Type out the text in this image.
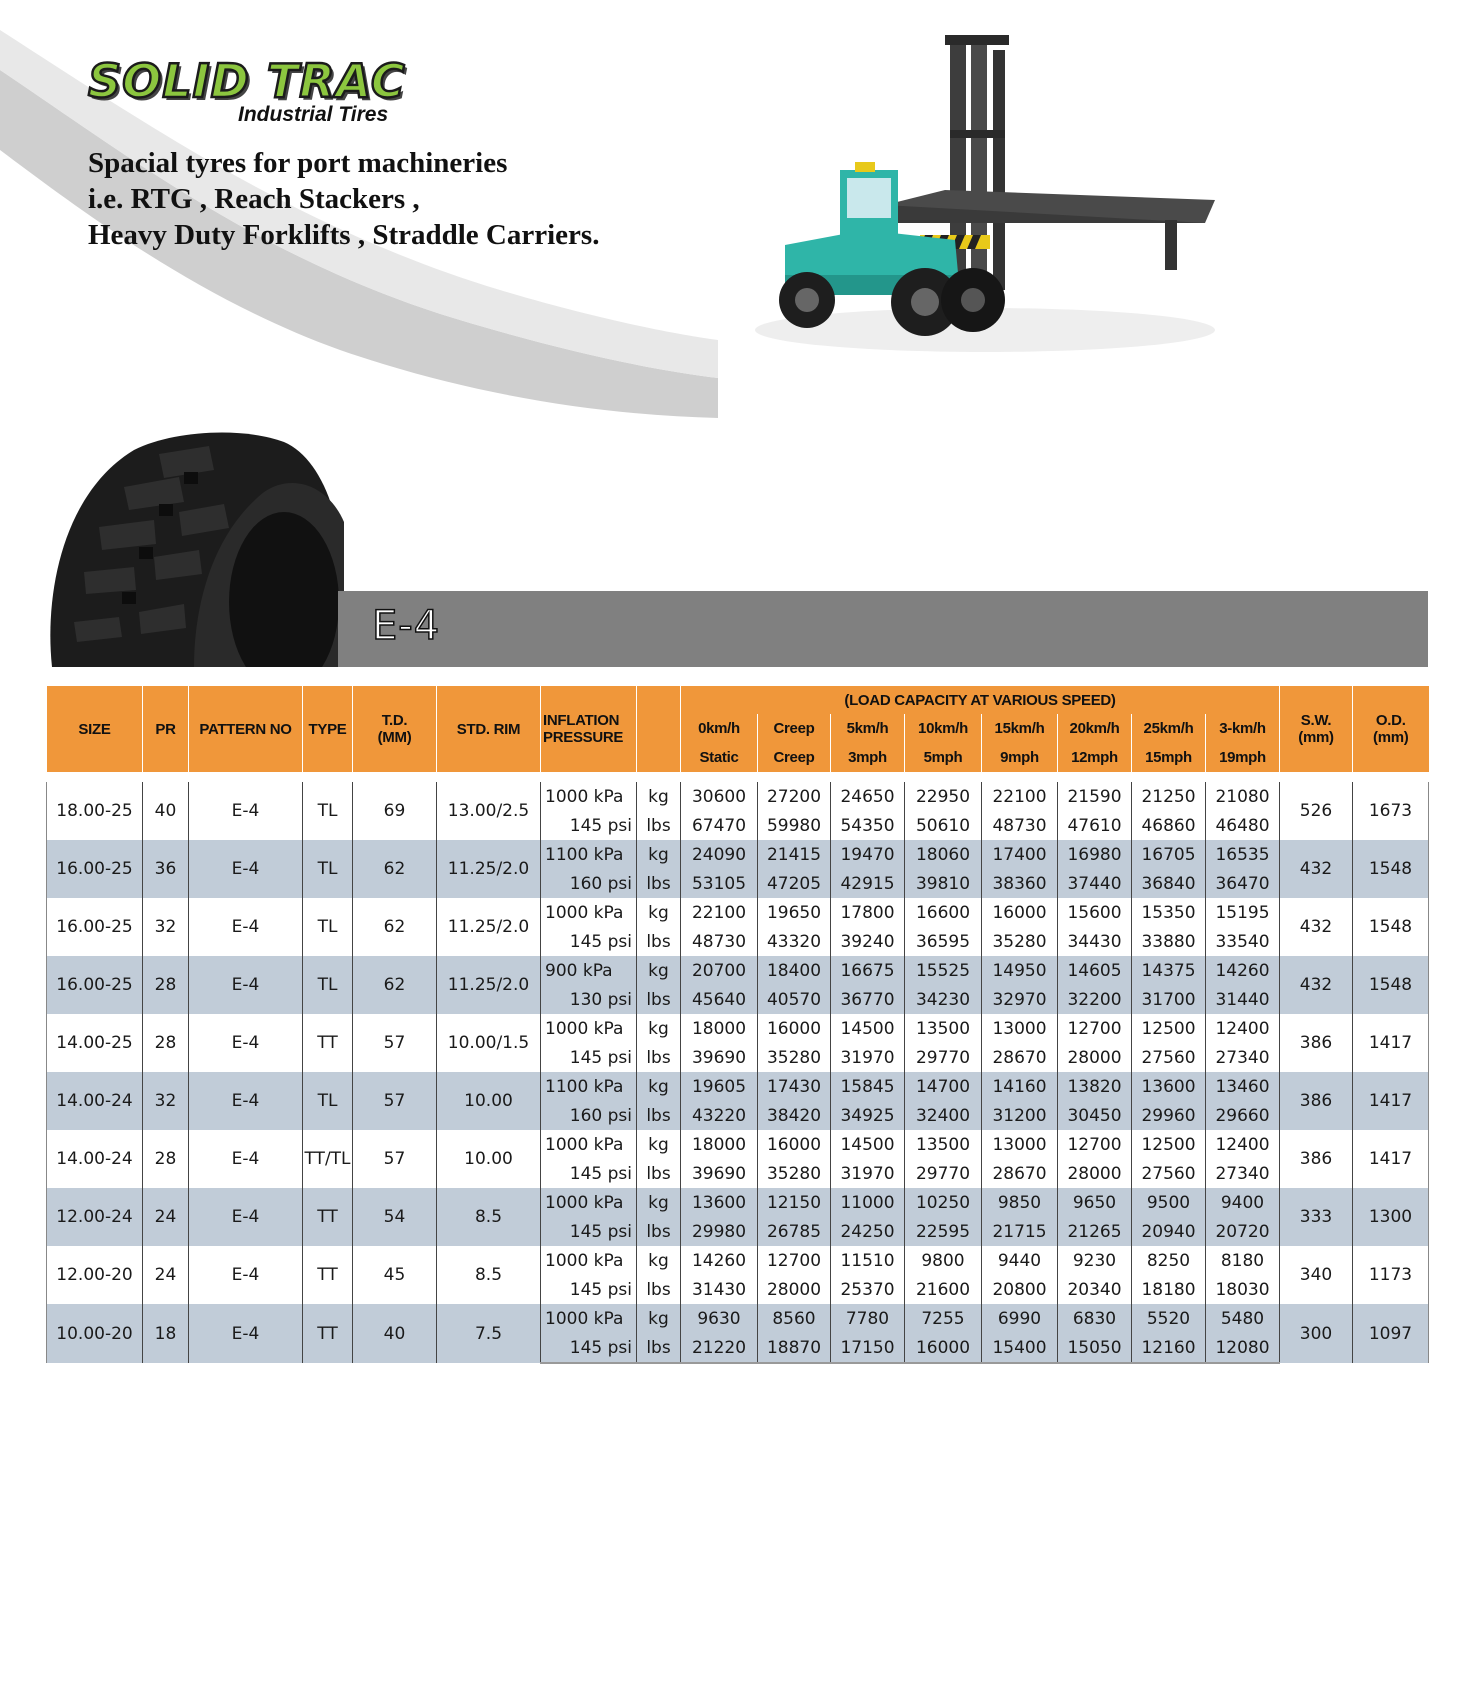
SOLID TRAC
Industrial Tires
Spacial tyres for port machineries
i.e. RTG , Reach Stackers ,
Heavy Duty Forklifts , Straddle Carriers.
E-4
SIZE	PR	PATTERN NO	TYPE	T.D.
(MM)	STD. RIM	INFLATION
PRESSURE		(LOAD CAPACITY AT VARIOUS SPEED)								S.W.
(mm)	O.D.
(mm)
								0km/h	Creep	5km/h	10km/h	15km/h	20km/h	25km/h	3-km/h		
								Static	Creep	3mph	5mph	9mph	12mph	15mph	19mph		

18.00-25	40	E-4	TL	69	13.00/2.5	1000 kPa	kg	30600	27200	24650	22950	22100	21590	21250	21080	526	1673
						145 psi	lbs	67470	59980	54350	50610	48730	47610	46860	46480		
16.00-25	36	E-4	TL	62	11.25/2.0	1100 kPa	kg	24090	21415	19470	18060	17400	16980	16705	16535	432	1548
						160 psi	lbs	53105	47205	42915	39810	38360	37440	36840	36470		
16.00-25	32	E-4	TL	62	11.25/2.0	1000 kPa	kg	22100	19650	17800	16600	16000	15600	15350	15195	432	1548
						145 psi	lbs	48730	43320	39240	36595	35280	34430	33880	33540		
16.00-25	28	E-4	TL	62	11.25/2.0	900 kPa	kg	20700	18400	16675	15525	14950	14605	14375	14260	432	1548
						130 psi	lbs	45640	40570	36770	34230	32970	32200	31700	31440		
14.00-25	28	E-4	TT	57	10.00/1.5	1000 kPa	kg	18000	16000	14500	13500	13000	12700	12500	12400	386	1417
						145 psi	lbs	39690	35280	31970	29770	28670	28000	27560	27340		
14.00-24	32	E-4	TL	57	10.00	1100 kPa	kg	19605	17430	15845	14700	14160	13820	13600	13460	386	1417
						160 psi	lbs	43220	38420	34925	32400	31200	30450	29960	29660		
14.00-24	28	E-4	TT/TL	57	10.00	1000 kPa	kg	18000	16000	14500	13500	13000	12700	12500	12400	386	1417
						145 psi	lbs	39690	35280	31970	29770	28670	28000	27560	27340		
12.00-24	24	E-4	TT	54	8.5	1000 kPa	kg	13600	12150	11000	10250	9850	9650	9500	9400	333	1300
						145 psi	lbs	29980	26785	24250	22595	21715	21265	20940	20720		
12.00-20	24	E-4	TT	45	8.5	1000 kPa	kg	14260	12700	11510	9800	9440	9230	8250	8180	340	1173
						145 psi	lbs	31430	28000	25370	21600	20800	20340	18180	18030		
10.00-20	18	E-4	TT	40	7.5	1000 kPa	kg	9630	8560	7780	7255	6990	6830	5520	5480	300	1097
						145 psi	lbs	21220	18870	17150	16000	15400	15050	12160	12080		
